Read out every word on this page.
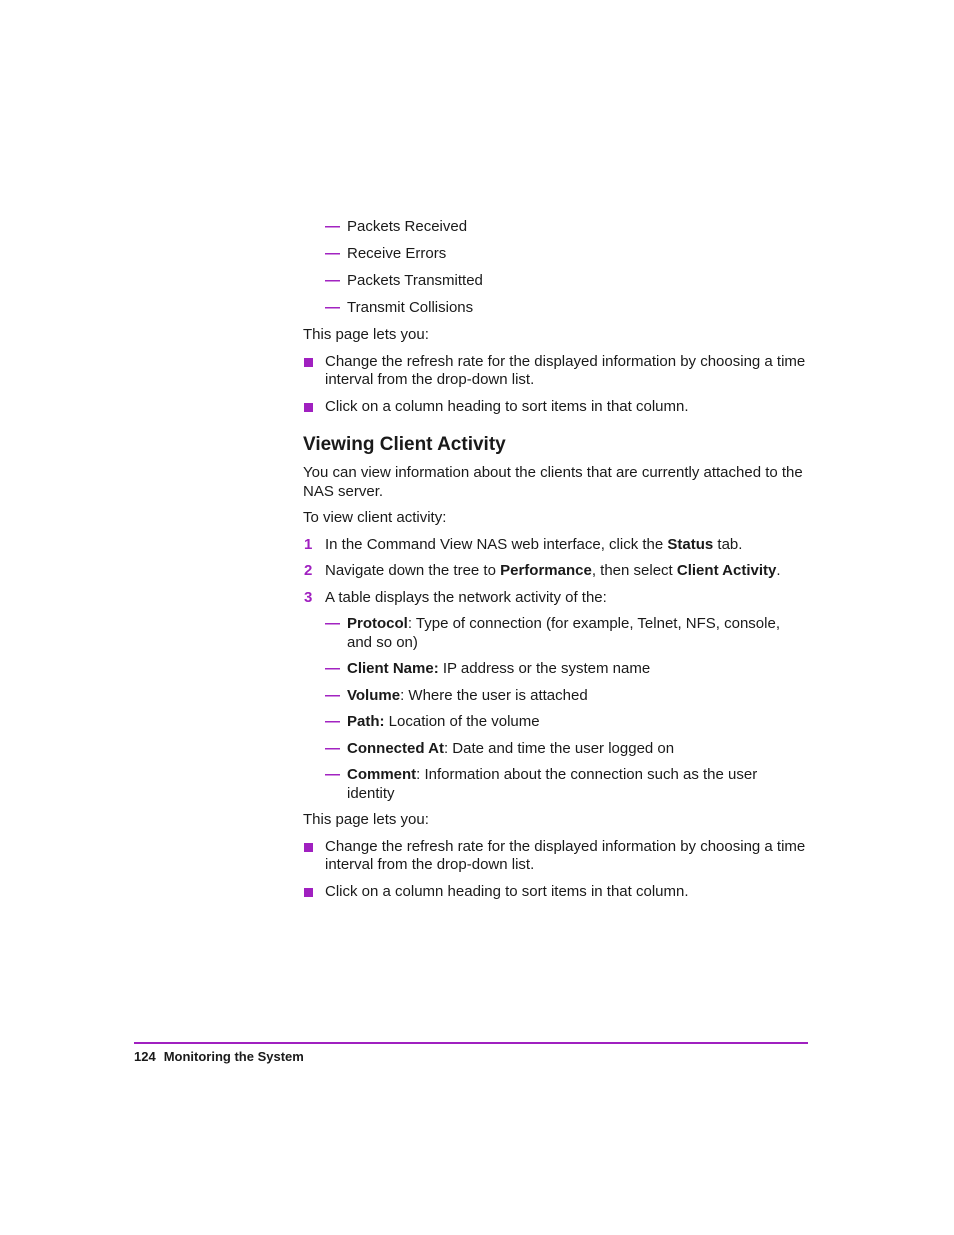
— Packets Received
— Receive Errors
— Packets Transmitted
— Transmit Collisions
This page lets you:
Change the refresh rate for the displayed information by choosing a time interval from the drop-down list.
Click on a column heading to sort items in that column.
Viewing Client Activity
You can view information about the clients that are currently attached to the NAS server.
To view client activity:
1 In the Command View NAS web interface, click the Status tab.
2 Navigate down the tree to Performance, then select Client Activity.
3 A table displays the network activity of the:
— Protocol: Type of connection (for example, Telnet, NFS, console, and so on)
— Client Name: IP address or the system name
— Volume: Where the user is attached
— Path: Location of the volume
— Connected At: Date and time the user logged on
— Comment: Information about the connection such as the user identity
This page lets you:
Change the refresh rate for the displayed information by choosing a time interval from the drop-down list.
Click on a column heading to sort items in that column.
124 Monitoring the System
